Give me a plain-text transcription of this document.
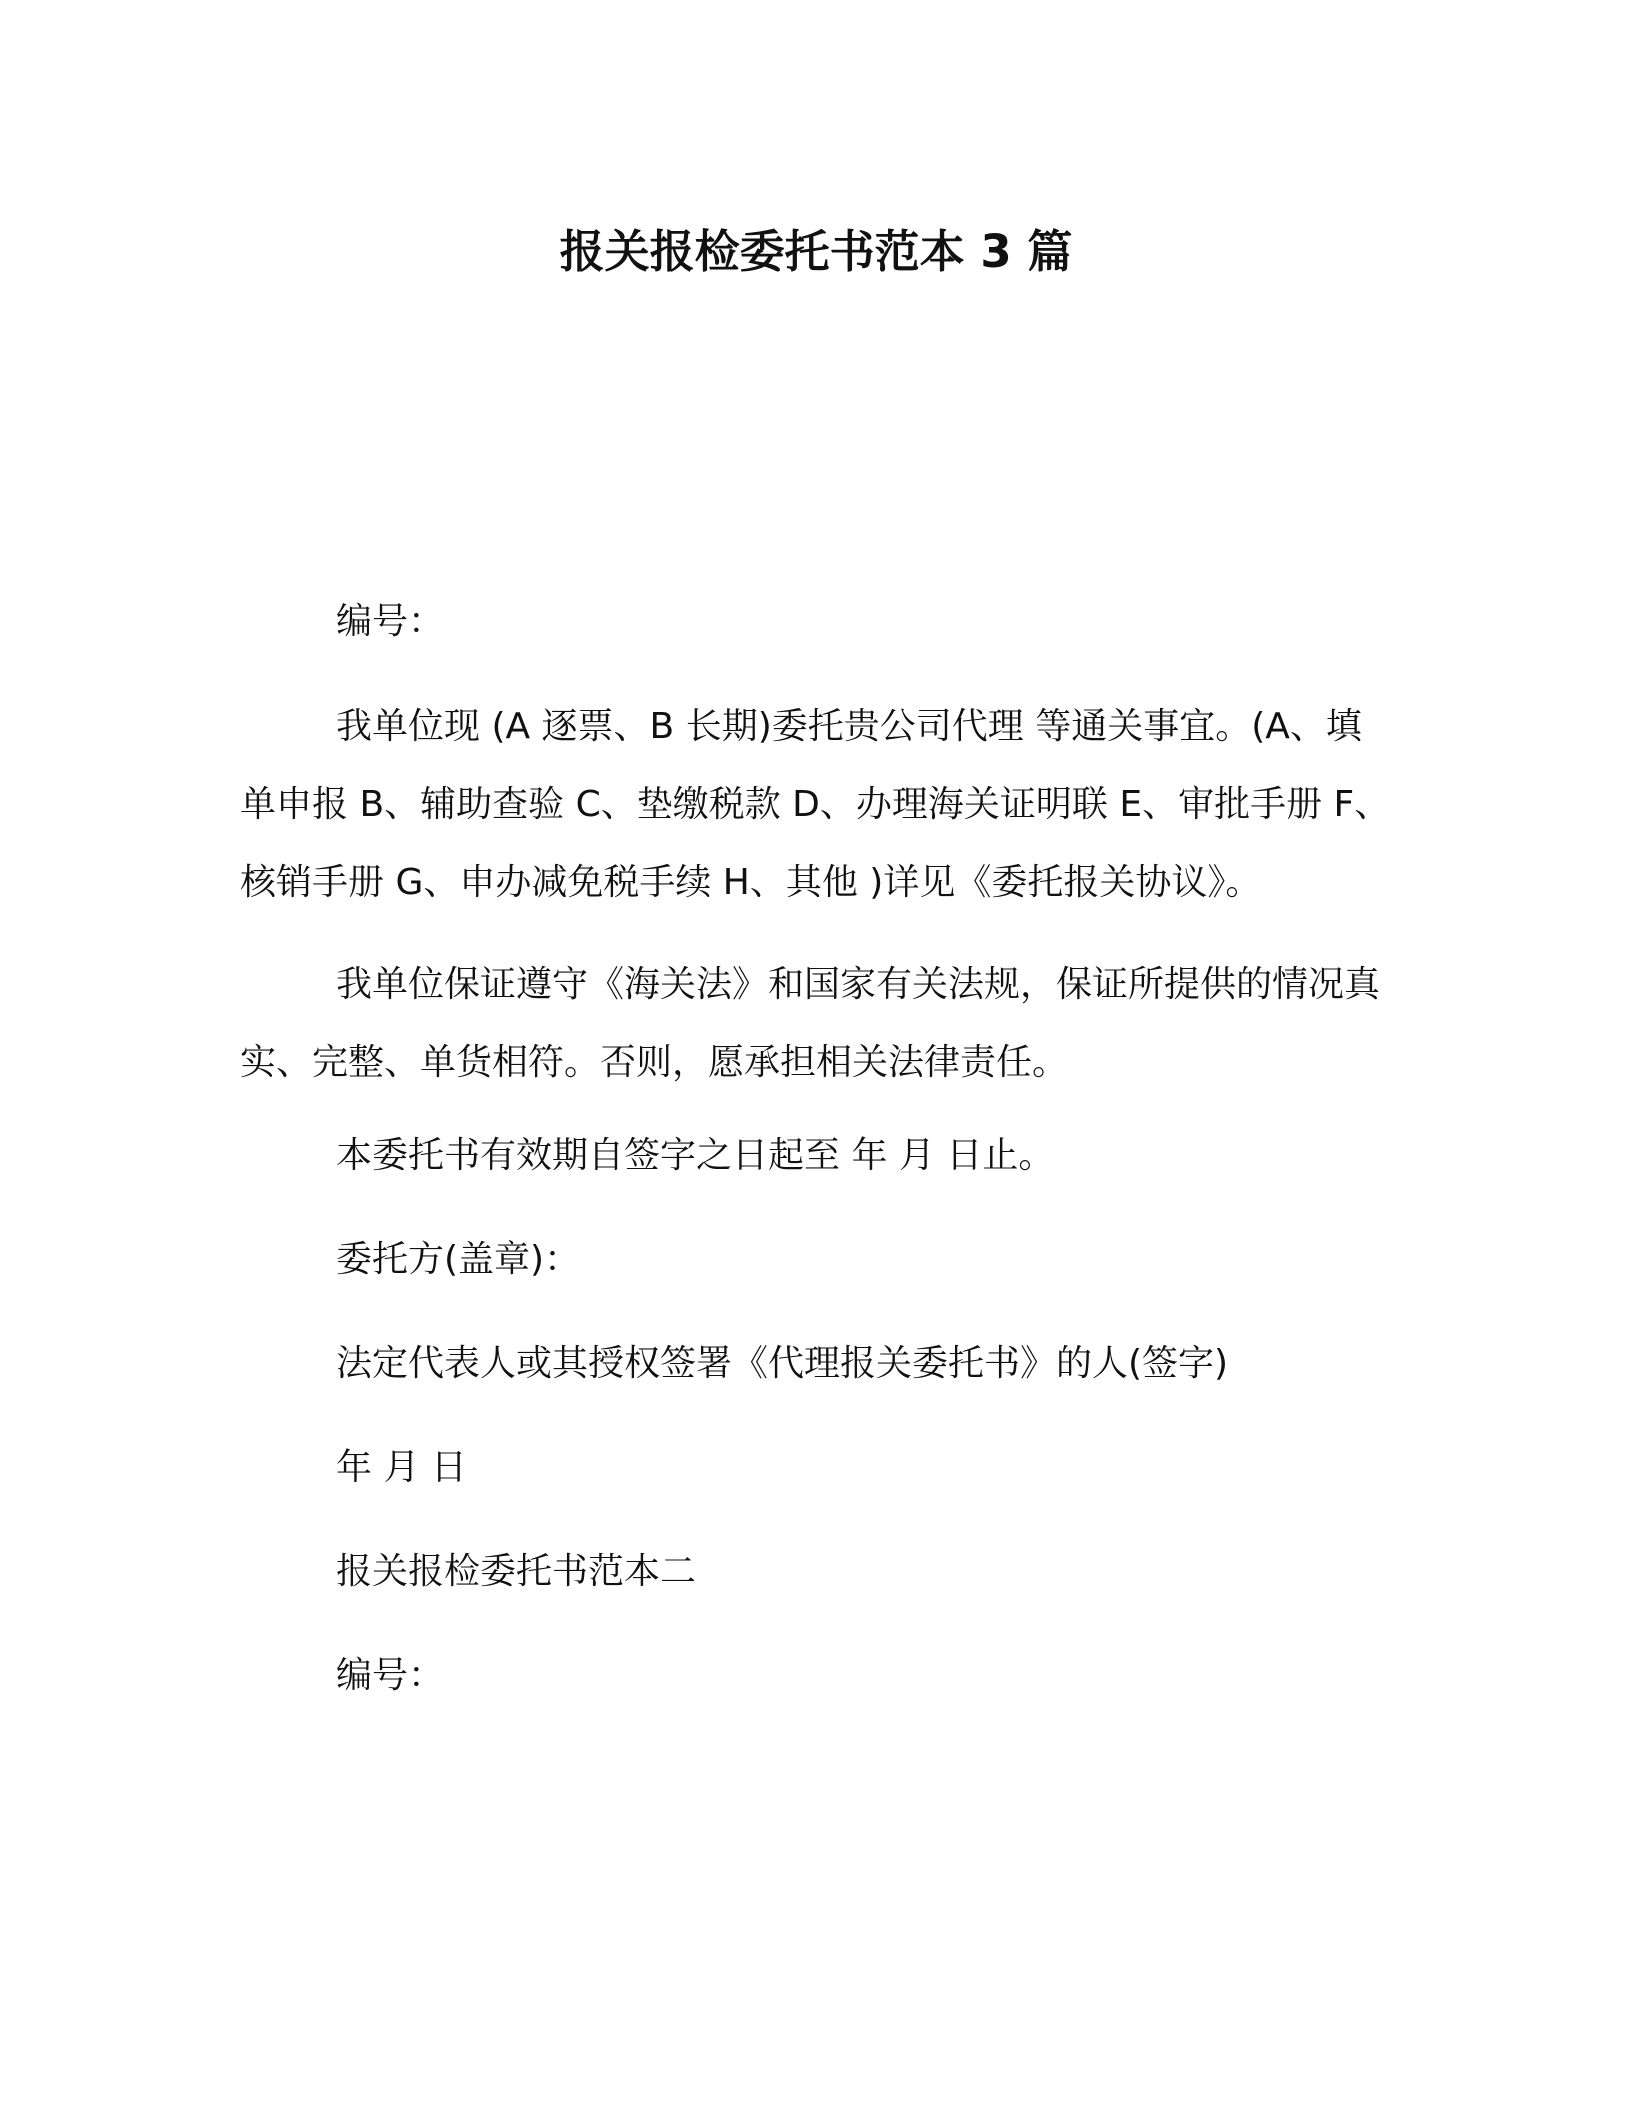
报关报检委托书范本 3 篇
编号：

我单位现 (A 逐票、B 长期)委托贵公司代理 等通关事宜。(A、填单申报 B、辅助查验 C、垫缴税款 D、办理海关证明联 E、审批手册 F、核销手册 G、申办减免税手续 H、其他 )详见《委托报关协议》。

我单位保证遵守《海关法》和国家有关法规，保证所提供的情况真实、完整、单货相符。否则，愿承担相关法律责任。

本委托书有效期自签字之日起至 年 月 日止。
委托方(盖章)：
法定代表人或其授权签署《代理报关委托书》的人(签字)
年 月 日
报关报检委托书范本二
编号：
